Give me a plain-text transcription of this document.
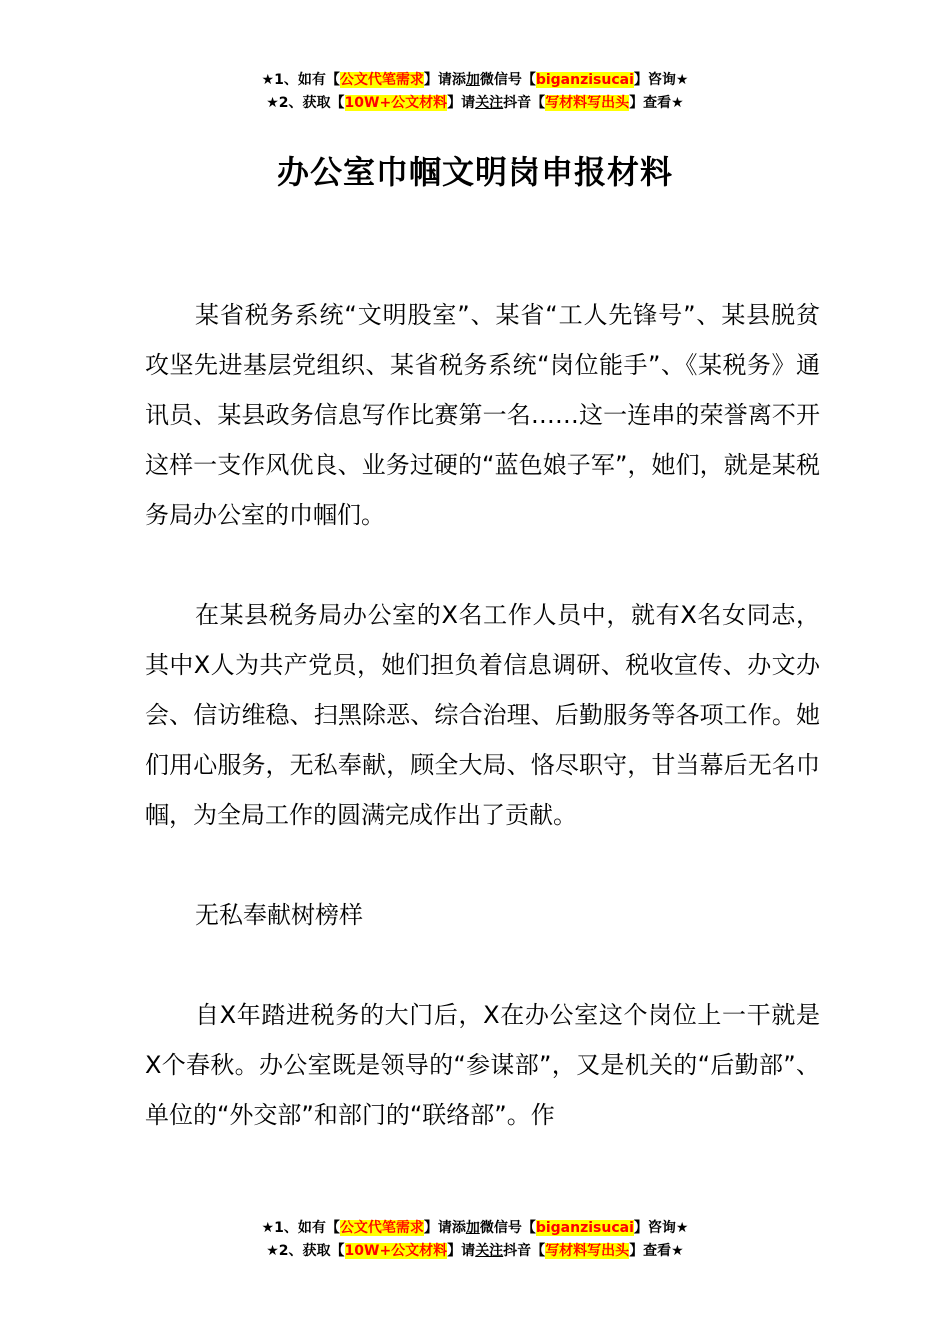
★1、如有【公文代笔需求】请添加微信号【biganzisucai】咨询★
★2、获取【10W+公文材料】请关注抖音【写材料写出头】查看★
办公室巾帼文明岗申报材料

某省税务系统“文明股室”、某省“工人先锋号”、某县脱贫攻坚先进基层党组织、某省税务系统“岗位能手”、《某税务》通讯员、某县政务信息写作比赛第一名……这一连串的荣誉离不开这样一支作风优良、业务过硬的“蓝色娘子军”，她们，就是某税务局办公室的巾帼们。

在某县税务局办公室的X名工作人员中，就有X名女同志，其中X人为共产党员，她们担负着信息调研、税收宣传、办文办会、信访维稳、扫黑除恶、综合治理、后勤服务等各项工作。她们用心服务，无私奉献，顾全大局、恪尽职守，甘当幕后无名巾帼，为全局工作的圆满完成作出了贡献。

无私奉献树榜样

自X年踏进税务的大门后，X在办公室这个岗位上一干就是X个春秋。办公室既是领导的“参谋部”，又是机关的“后勤部”、单位的“外交部”和部门的“联络部”。作

★1、如有【公文代笔需求】请添加微信号【biganzisucai】咨询★
★2、获取【10W+公文材料】请关注抖音【写材料写出头】查看★
